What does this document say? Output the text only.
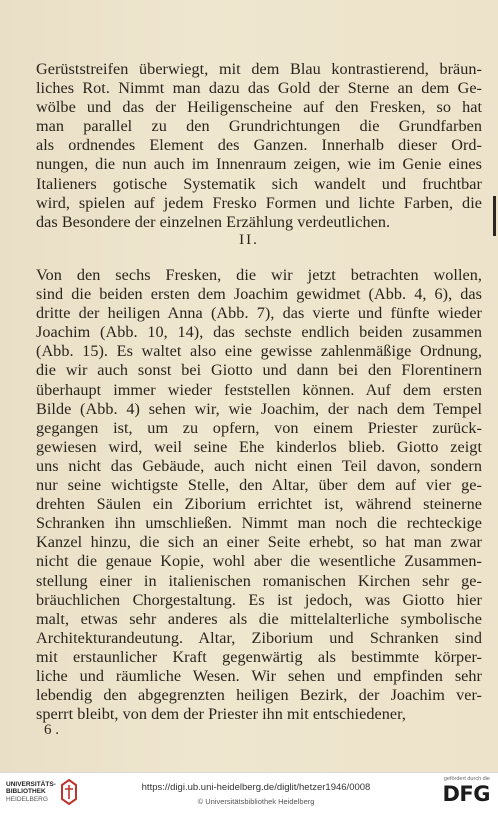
Gerüststreifen überwiegt, mit dem Blau kontrastierend, bräun-
liches Rot. Nimmt man dazu das Gold der Sterne an dem Ge-
wölbe und das der Heiligenscheine auf den Fresken, so hat
man parallel zu den Grundrichtungen die Grundfarben
als ordnendes Element des Ganzen. Innerhalb dieser Ord-
nungen, die nun auch im Innenraum zeigen, wie im Genie eines
Italieners gotische Systematik sich wandelt und fruchtbar
wird, spielen auf jedem Fresko Formen und lichte Farben, die
das Besondere der einzelnen Erzählung verdeutlichen.
II.
Von den sechs Fresken, die wir jetzt betrachten wollen,
sind die beiden ersten dem Joachim gewidmet (Abb. 4, 6), das
dritte der heiligen Anna (Abb. 7), das vierte und fünfte wieder
Joachim (Abb. 10, 14), das sechste endlich beiden zusammen
(Abb. 15). Es waltet also eine gewisse zahlenmäßige Ordnung,
die wir auch sonst bei Giotto und dann bei den Florentinern
überhaupt immer wieder feststellen können. Auf dem ersten
Bilde (Abb. 4) sehen wir, wie Joachim, der nach dem Tempel
gegangen ist, um zu opfern, von einem Priester zurück-
gewiesen wird, weil seine Ehe kinderlos blieb. Giotto zeigt
uns nicht das Gebäude, auch nicht einen Teil davon, sondern
nur seine wichtigste Stelle, den Altar, über dem auf vier ge-
drehten Säulen ein Ziborium errichtet ist, während steinerne
Schranken ihn umschließen. Nimmt man noch die rechteckige
Kanzel hinzu, die sich an einer Seite erhebt, so hat man zwar
nicht die genaue Kopie, wohl aber die wesentliche Zusammen-
stellung einer in italienischen romanischen Kirchen sehr ge-
bräuchlichen Chorgestaltung. Es ist jedoch, was Giotto hier
malt, etwas sehr anderes als die mittelalterliche symbolische
Architekturandeutung. Altar, Ziborium und Schranken sind
mit erstaunlicher Kraft gegenwärtig als bestimmte körper-
liche und räumliche Wesen. Wir sehen und empfinden sehr
lebendig den abgegrenzten heiligen Bezirk, der Joachim ver-
sperrt bleibt, von dem der Priester ihn mit entschiedener,
6 .
UNIVERSITÄTS-
BIBLIOTHEK
HEIDELBERG
https://digi.ub.uni-heidelberg.de/diglit/hetzer1946/0008
© Universitätsbibliothek Heidelberg
gefördert durch die
DFG
